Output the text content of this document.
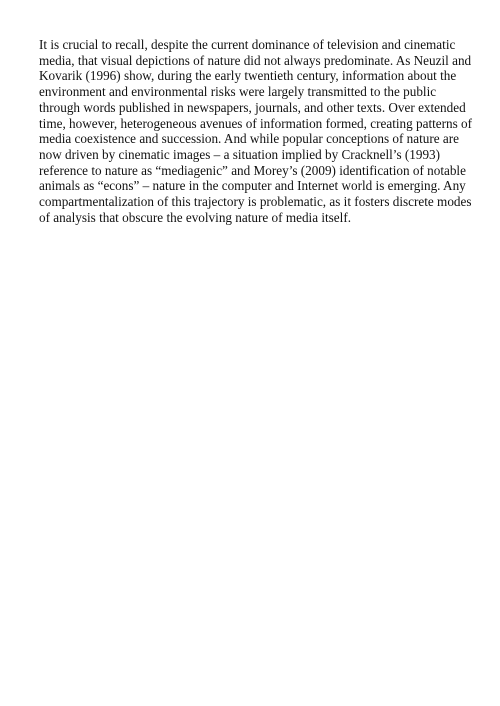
It is crucial to recall, despite the current dominance of television and cinematic
media, that visual depictions of nature did not always predominate. As Neuzil and
Kovarik (1996) show, during the early twentieth century, information about the
environment and environmental risks were largely transmitted to the public
through words published in newspapers, journals, and other texts. Over extended
time, however, heterogeneous avenues of information formed, creating patterns of
media coexistence and succession. And while popular conceptions of nature are
now driven by cinematic images – a situation implied by Cracknell’s (1993)
reference to nature as “mediagenic” and Morey’s (2009) identification of notable
animals as “econs” – nature in the computer and Internet world is emerging. Any
compartmentalization of this trajectory is problematic, as it fosters discrete modes
of analysis that obscure the evolving nature of media itself.
